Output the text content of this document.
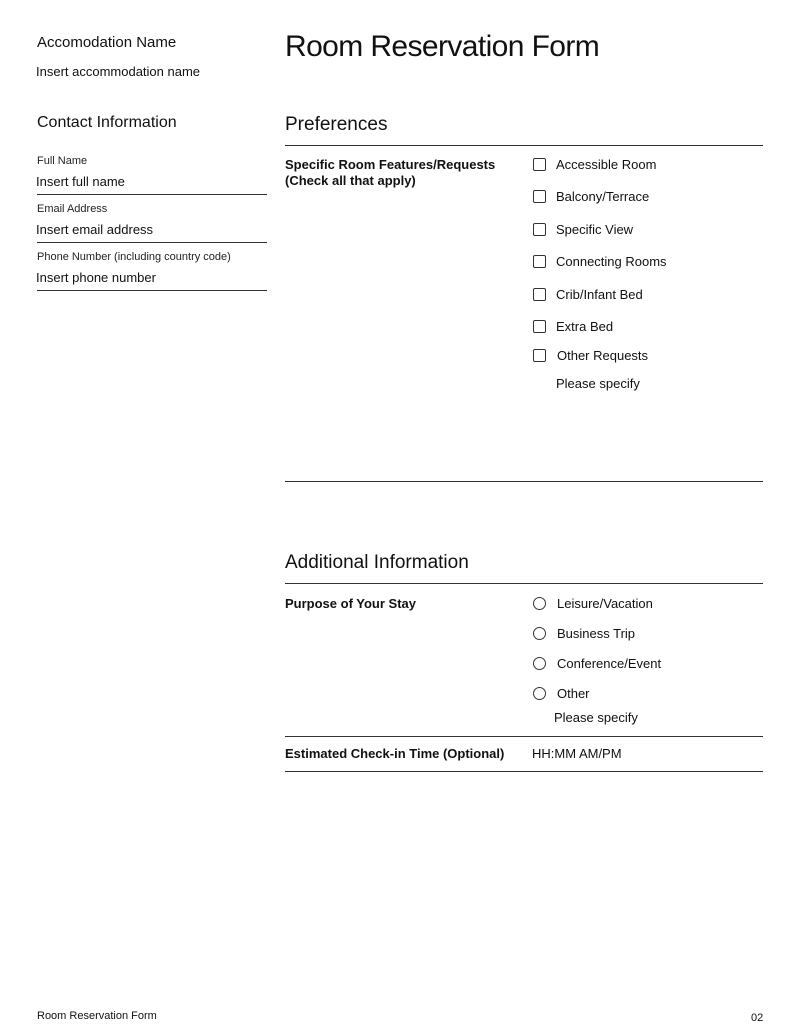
Accomodation Name
Insert accommodation name
Room Reservation Form
Contact Information
Full Name
Insert full name
Email Address
Insert email address
Phone Number (including country code)
Insert phone number
Preferences
Specific Room Features/Requests
(Check all that apply)
Accessible Room
Balcony/Terrace
Specific View
Connecting Rooms
Crib/Infant Bed
Extra Bed
Other Requests
Please specify
Additional Information
Purpose of Your Stay	Leisure/Vacation
Business Trip
Conference/Event
Other
Please specify
Estimated Check-in Time (Optional) HH:MM AM/PM
Room Reservation Form	02
